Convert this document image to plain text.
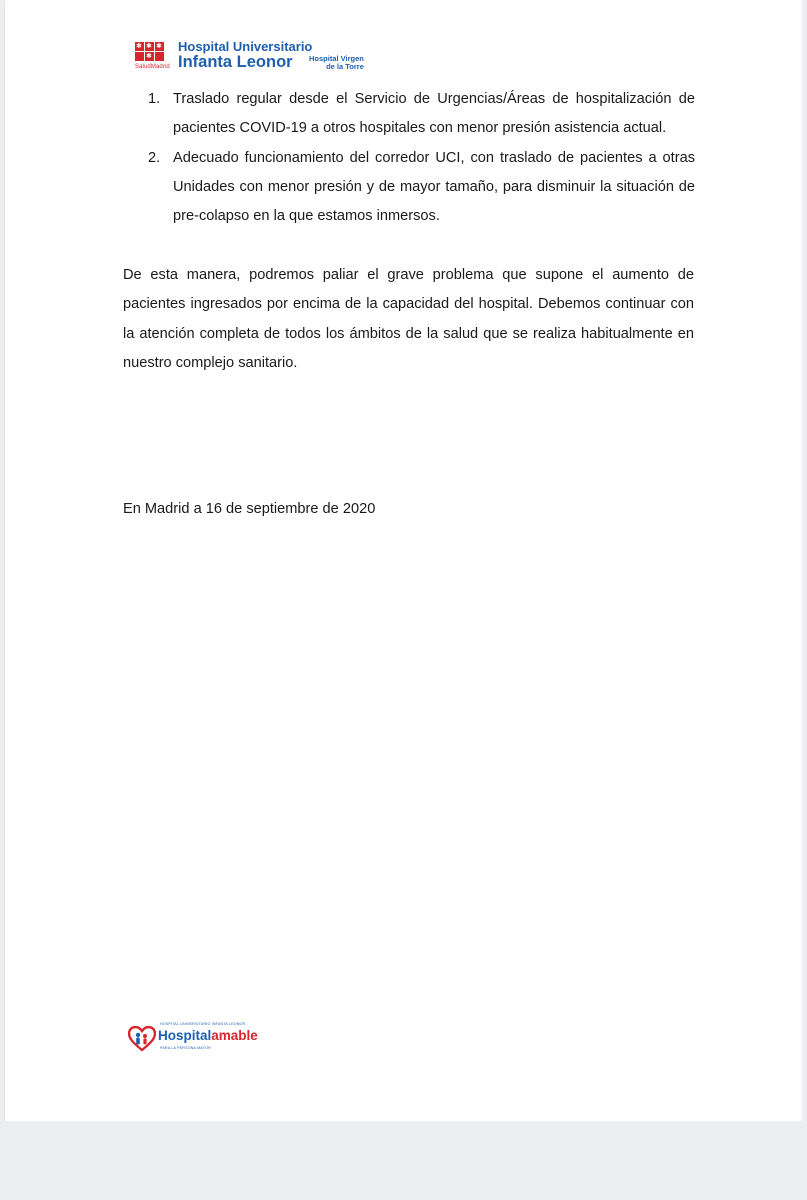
✱ ✱ ✱
✱
SaludMadrid
Hospital Universitario
Infanta Leonor Hospital Virgen
de la Torre
1. Traslado regular desde el Servicio de Urgencias/Áreas de hospitalización de pacientes COVID-19 a otros hospitales con menor presión asistencia actual.
2. Adecuado funcionamiento del corredor UCI, con traslado de pacientes a otras Unidades con menor presión y de mayor tamaño, para disminuir la situación de pre-colapso en la que estamos inmersos.

De esta manera, podremos paliar el grave problema que supone el aumento de pacientes ingresados por encima de la capacidad del hospital. Debemos continuar con la atención completa de todos los ámbitos de la salud que se realiza habitualmente en nuestro complejo sanitario.

En Madrid a 16 de septiembre de 2020

HOSPITAL UNIVERSITARIO INFANTA LEONOR
Hospitalamable
PARA LA PERSONA MAYOR
